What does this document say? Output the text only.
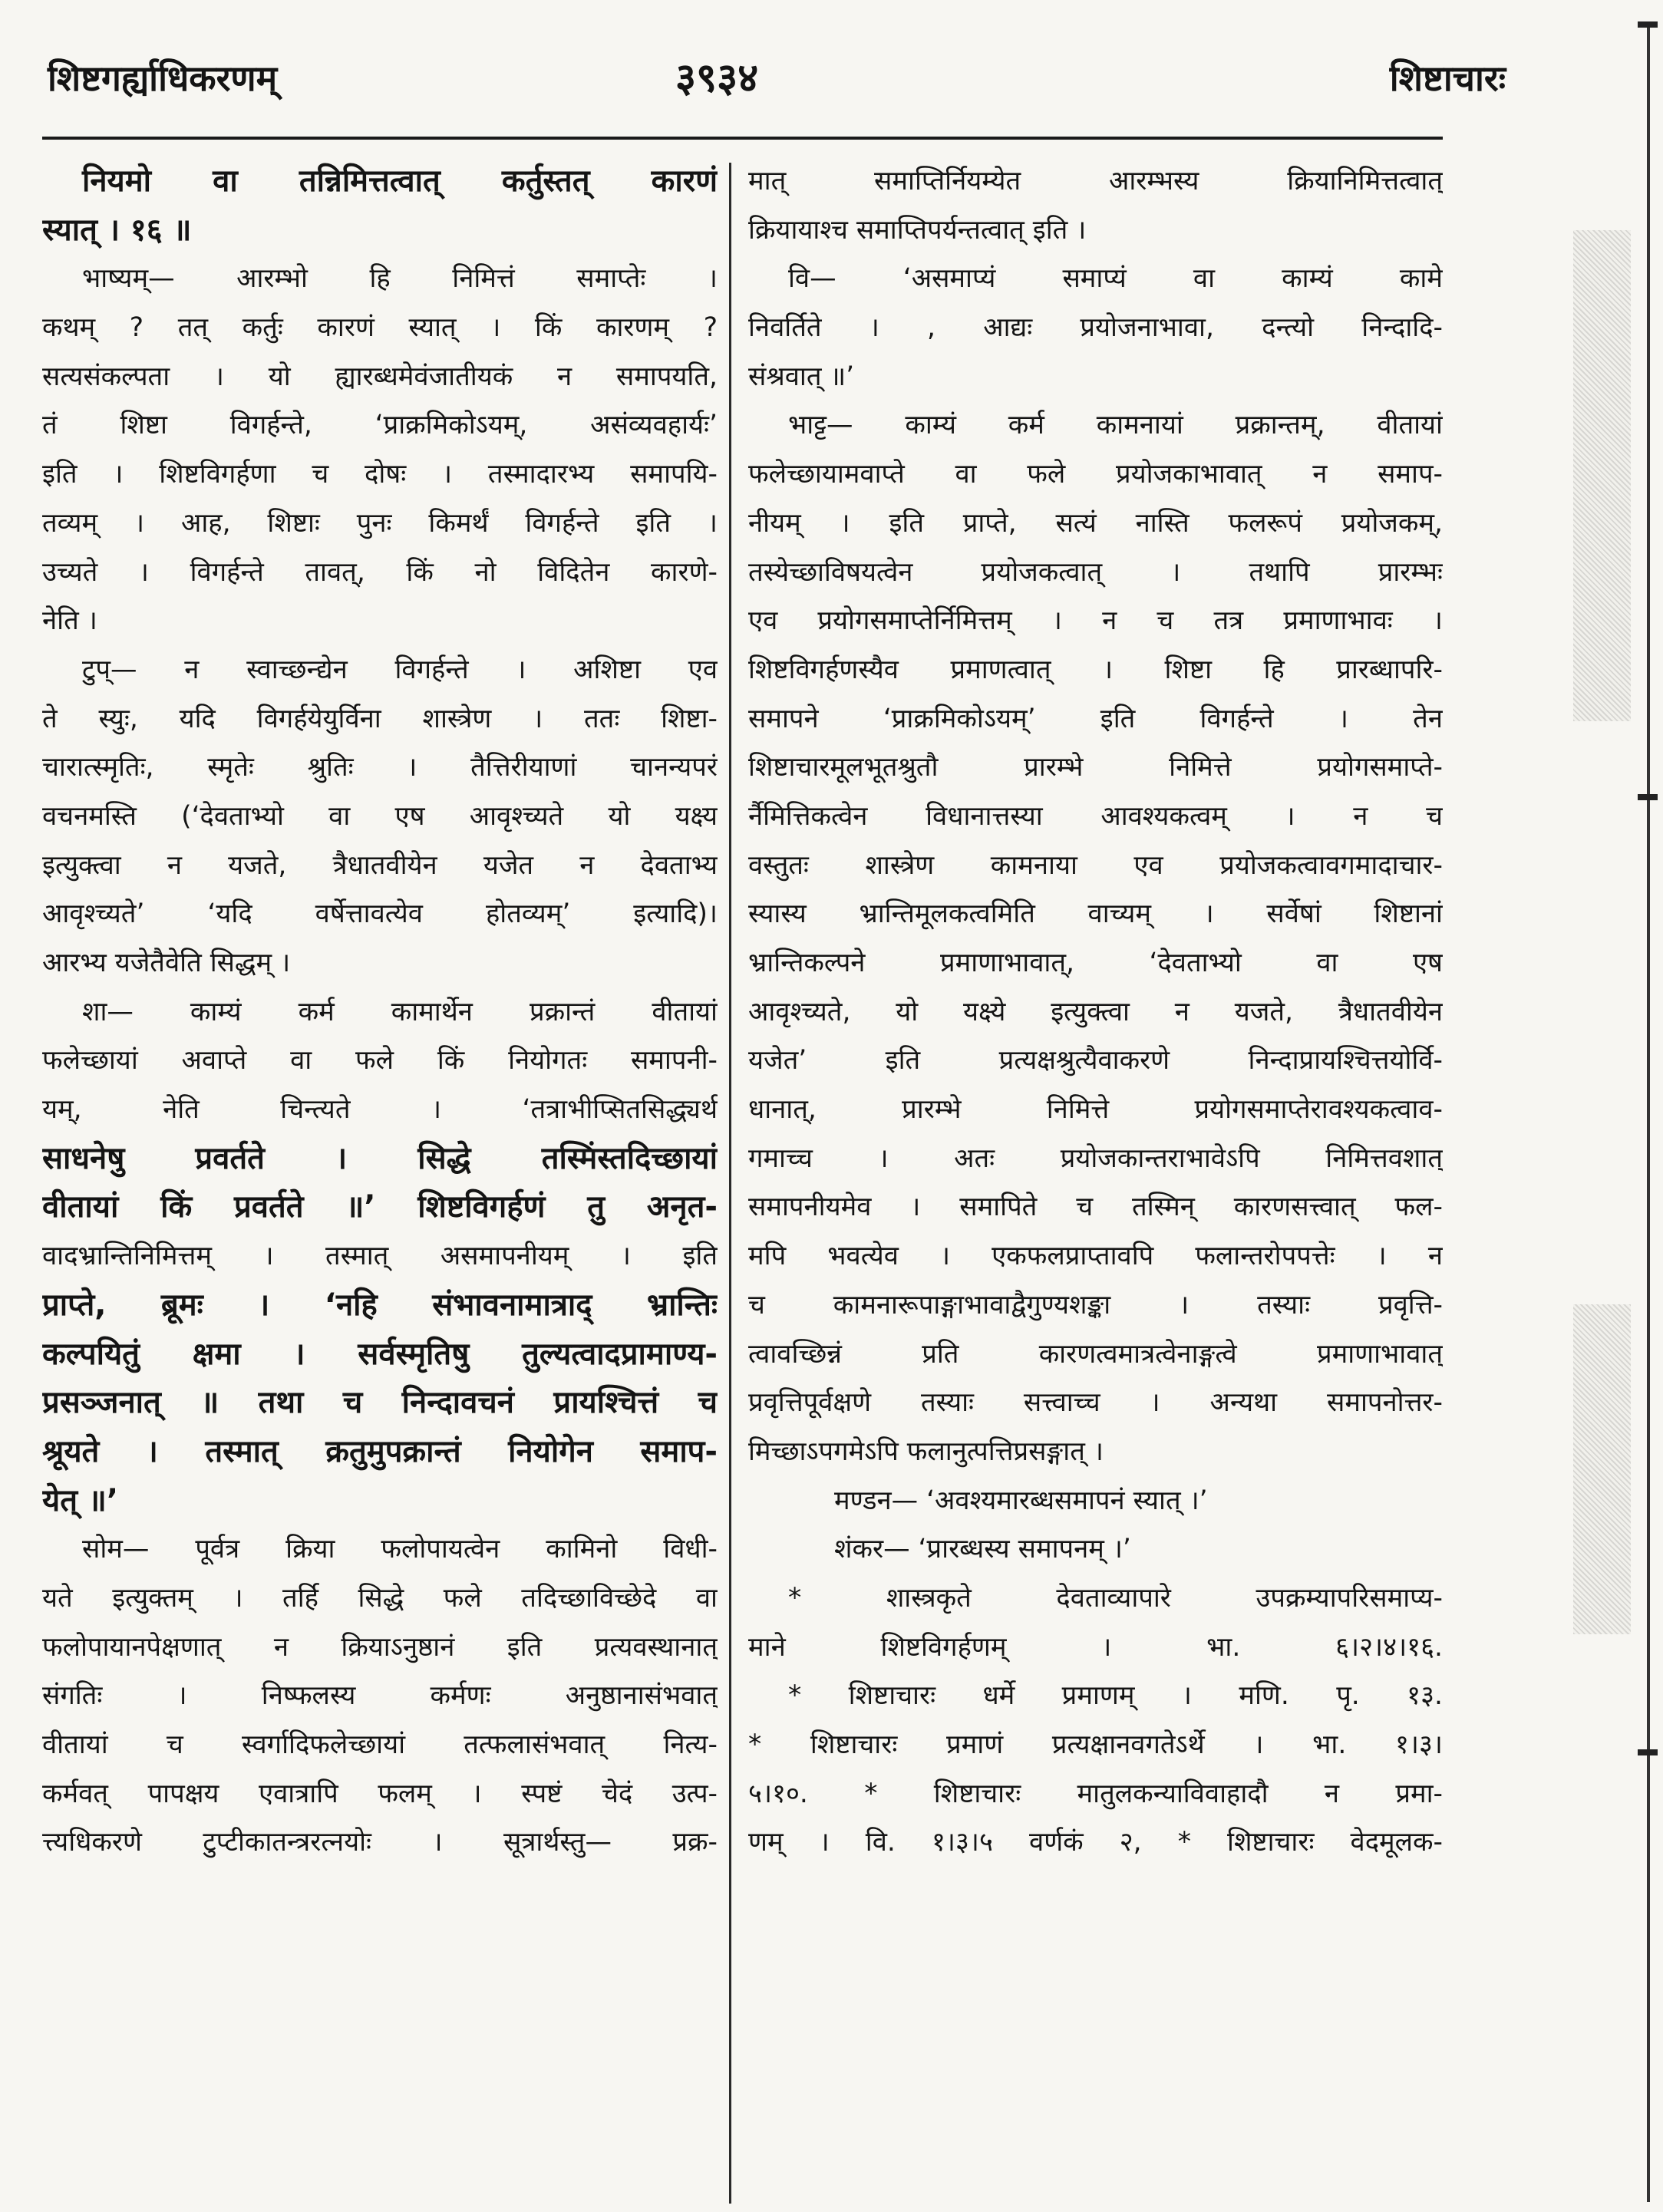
शिष्टगर्ह्याधिकरणम्	३९३४	शिष्टाचारः
नियमो वा तन्निमित्तत्वात् कर्तुस्तत् कारणं
स्यात् । १६ ॥
भाष्यम्— आरम्भो हि निमित्तं समाप्तेः ।
कथम् ? तत् कर्तुः कारणं स्यात् । किं कारणम् ?
सत्यसंकल्पता । यो ह्यारब्धमेवंजातीयकं न समापयति,
तं शिष्टा विगर्हन्ते, ‘प्राक्रमिकोऽयम्, असंव्यवहार्यः’
इति । शिष्टविगर्हणा च दोषः । तस्मादारभ्य समापयि-
तव्यम् । आह, शिष्टाः पुनः किमर्थं विगर्हन्ते इति ।
उच्यते । विगर्हन्ते तावत्, किं नो विदितेन कारणे-
नेति ।
टुप्— न स्वाच्छन्द्येन विगर्हन्ते । अशिष्टा एव
ते स्युः, यदि विगर्हयेयुर्विना शास्त्रेण । ततः शिष्टा-
चारात्स्मृतिः, स्मृतेः श्रुतिः । तैत्तिरीयाणां चानन्यपरं
वचनमस्ति (‘देवताभ्यो वा एष आवृश्च्यते यो यक्ष्य
इत्युक्त्वा न यजते, त्रैधातवीयेन यजेत न देवताभ्य
आवृश्च्यते’ ‘यदि वर्षेत्तावत्येव होतव्यम्’ इत्यादि)।
आरभ्य यजेतैवेति सिद्धम् ।
शा— काम्यं कर्म कामार्थेन प्रक्रान्तं वीतायां
फलेच्छायां अवाप्ते वा फले किं नियोगतः समापनी-
यम्, नेति चिन्त्यते । ‘तत्राभीप्सितसिद्ध्यर्थ
साधनेषु प्रवर्तते । सिद्धे तस्मिंस्तदिच्छायां
वीतायां किं प्रवर्तते ॥’ शिष्टविगर्हणं तु अनृत-
वादभ्रान्तिनिमित्तम् । तस्मात् असमापनीयम् । इति
प्राप्ते, ब्रूमः । ‘नहि संभावनामात्राद् भ्रान्तिः
कल्पयितुं क्षमा । सर्वस्मृतिषु तुल्यत्वादप्रामाण्य-
प्रसञ्जनात् ॥ तथा च निन्दावचनं प्रायश्चित्तं च
श्रूयते । तस्मात् क्रतुमुपक्रान्तं नियोगेन समाप-
येत् ॥’
सोम— पूर्वत्र क्रिया फलोपायत्वेन कामिनो विधी-
यते इत्युक्तम् । तर्हि सिद्धे फले तदिच्छाविच्छेदे वा
फलोपायानपेक्षणात् न क्रियाऽनुष्ठानं इति प्रत्यवस्थानात्
संगतिः । निष्फलस्य कर्मणः अनुष्ठानासंभवात्
वीतायां च स्वर्गादिफलेच्छायां तत्फलासंभवात् नित्य-
कर्मवत् पापक्षय एवात्रापि फलम् । स्पष्टं चेदं उत्प-
त्त्यधिकरणे टुप्टीकातन्त्ररत्नयोः । सूत्रार्थस्तु— प्रक्र-
मात् समाप्तिर्नियम्येत आरम्भस्य क्रियानिमित्तत्वात्
क्रियायाश्च समाप्तिपर्यन्तत्वात् इति ।
वि— ‘असमाप्यं समाप्यं वा काम्यं कामे
निवर्तिते । , आद्यः प्रयोजनाभावा, दन्त्यो निन्दादि-
संश्रवात् ॥’
भाट्ट— काम्यं कर्म कामनायां प्रक्रान्तम्, वीतायां
फलेच्छायामवाप्ते वा फले प्रयोजकाभावात् न समाप-
नीयम् । इति प्राप्ते, सत्यं नास्ति फलरूपं प्रयोजकम्,
तस्येच्छाविषयत्वेन प्रयोजकत्वात् । तथापि प्रारम्भः
एव प्रयोगसमाप्तेर्निमित्तम् । न च तत्र प्रमाणाभावः ।
शिष्टविगर्हणस्यैव प्रमाणत्वात् । शिष्टा हि प्रारब्धापरि-
समापने ‘प्राक्रमिकोऽयम्’ इति विगर्हन्ते । तेन
शिष्टाचारमूलभूतश्रुतौ प्रारम्भे निमित्ते प्रयोगसमाप्ते-
र्नैमित्तिकत्वेन विधानात्तस्या आवश्यकत्वम् । न च
वस्तुतः शास्त्रेण कामनाया एव प्रयोजकत्वावगमादाचार-
स्यास्य भ्रान्तिमूलकत्वमिति वाच्यम् । सर्वेषां शिष्टानां
भ्रान्तिकल्पने प्रमाणाभावात्, ‘देवताभ्यो वा एष
आवृश्च्यते, यो यक्ष्ये इत्युक्त्वा न यजते, त्रैधातवीयेन
यजेत’ इति प्रत्यक्षश्रुत्यैवाकरणे निन्दाप्रायश्चित्तयोर्वि-
धानात्, प्रारम्भे निमित्ते प्रयोगसमाप्तेरावश्यकत्वाव-
गमाच्च । अतः प्रयोजकान्तराभावेऽपि निमित्तवशात्
समापनीयमेव । समापिते च तस्मिन् कारणसत्त्वात् फल-
मपि भवत्येव । एकफलप्राप्तावपि फलान्तरोपपत्तेः । न
च कामनारूपाङ्गाभावाद्वैगुण्यशङ्का । तस्याः प्रवृत्ति-
त्वावच्छिन्नं प्रति कारणत्वमात्रत्वेनाङ्गत्वे प्रमाणाभावात्
प्रवृत्तिपूर्वक्षणे तस्याः सत्त्वाच्च । अन्यथा समापनोत्तर-
मिच्छाऽपगमेऽपि फलानुत्पत्तिप्रसङ्गात् ।
मण्डन— ‘अवश्यमारब्धसमापनं स्यात् ।’
शंकर— ‘प्रारब्धस्य समापनम् ।’
* शास्त्रकृते देवताव्यापारे उपक्रम्यापरिसमाप्य-
माने शिष्टविगर्हणम् । भा. ६।२।४।१६.
* शिष्टाचारः धर्मे प्रमाणम् । मणि. पृ. १३.
* शिष्टाचारः प्रमाणं प्रत्यक्षानवगतेऽर्थे । भा. १।३।
५।१०. * शिष्टाचारः मातुलकन्याविवाहादौ न प्रमा-
णम् । वि. १।३।५ वर्णकं २, * शिष्टाचारः वेदमूलक-
